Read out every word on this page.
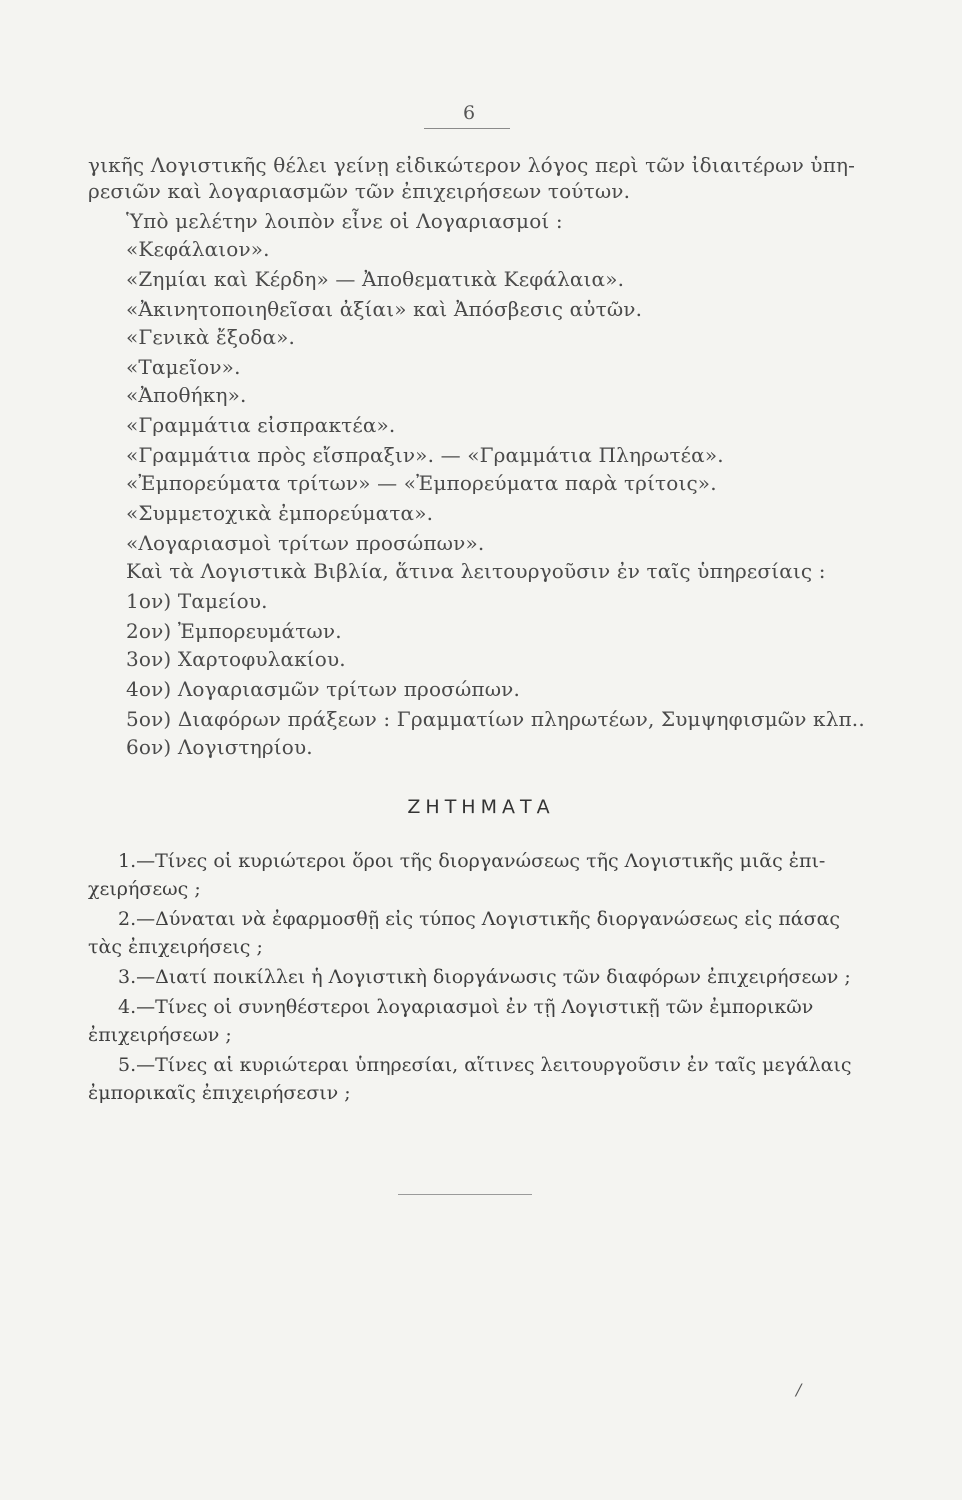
6
γικῆς Λογιστικῆς θέλει γείνῃ εἰδικώτερον λόγος περὶ τῶν ἰδιαιτέρων ὑπη-
ρεσιῶν καὶ λογαριασμῶν τῶν ἐπιχειρήσεων τούτων.
Ὑπὸ μελέτην λοιπὸν εἶνε οἱ Λογαριασμοί :
«Κεφάλαιον».
«Ζημίαι καὶ Κέρδη» — Ἀποθεματικὰ Κεφάλαια».
«Ἀκινητοποιηθεῖσαι ἀξίαι» καὶ Ἀπόσβεσις αὐτῶν.
«Γενικὰ ἔξοδα».
«Ταμεῖον».
«Ἀποθήκη».
«Γραμμάτια εἰσπρακτέα».
«Γραμμάτια πρὸς εἴσπραξιν». — «Γραμμάτια Πληρωτέα».
«Ἐμπορεύματα τρίτων» — «Ἐμπορεύματα παρὰ τρίτοις».
«Συμμετοχικὰ ἐμπορεύματα».
«Λογαριασμοὶ τρίτων προσώπων».
Καὶ τὰ Λογιστικὰ Βιβλία, ἅτινα λειτουργοῦσιν ἐν ταῖς ὑπηρεσίαις :
1ον) Ταμείου.
2ον) Ἐμπορευμάτων.
3ον) Χαρτοφυλακίου.
4ον) Λογαριασμῶν τρίτων προσώπων.
5ον) Διαφόρων πράξεων : Γραμματίων πληρωτέων, Συμψηφισμῶν κλπ..
6ον) Λογιστηρίου.
ΖΗΤΗΜΑΤΑ
1.—Τίνες οἱ κυριώτεροι ὅροι τῆς διοργανώσεως τῆς Λογιστικῆς μιᾶς ἐπι-
χειρήσεως ;
2.—Δύναται νὰ ἐφαρμοσθῇ εἰς τύπος Λογιστικῆς διοργανώσεως εἰς πάσας
τὰς ἐπιχειρήσεις ;
3.—Διατί ποικίλλει ἡ Λογιστικὴ διοργάνωσις τῶν διαφόρων ἐπιχειρήσεων ;
4.—Τίνες οἱ συνηθέστεροι λογαριασμοὶ ἐν τῇ Λογιστικῇ τῶν ἐμπορικῶν
ἐπιχειρήσεων ;
5.—Τίνες αἱ κυριώτεραι ὑπηρεσίαι, αἵτινες λειτουργοῦσιν ἐν ταῖς μεγάλαις
ἐμπορικαῖς ἐπιχειρήσεσιν ;
/
